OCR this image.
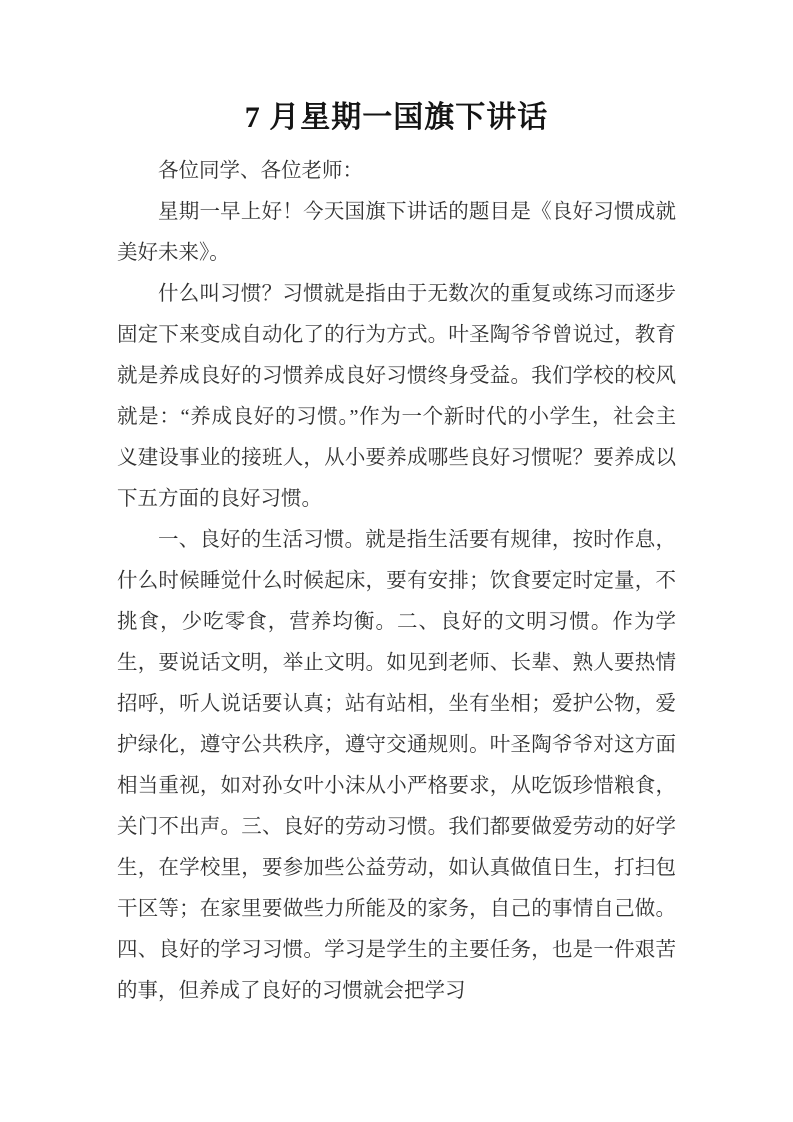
7 月星期一国旗下讲话

各位同学、各位老师：

星期一早上好！今天国旗下讲话的题目是《良好习惯成就美好未来》。

什么叫习惯？习惯就是指由于无数次的重复或练习而逐步固定下来变成自动化了的行为方式。叶圣陶爷爷曾说过，教育就是养成良好的习惯养成良好习惯终身受益。我们学校的校风就是：“养成良好的习惯。”作为一个新时代的小学生，社会主义建设事业的接班人，从小要养成哪些良好习惯呢？要养成以下五方面的良好习惯。

一、良好的生活习惯。就是指生活要有规律，按时作息，什么时候睡觉什么时候起床，要有安排；饮食要定时定量，不挑食，少吃零食，营养均衡。二、良好的文明习惯。作为学生，要说话文明，举止文明。如见到老师、长辈、熟人要热情招呼，听人说话要认真；站有站相，坐有坐相；爱护公物，爱护绿化，遵守公共秩序，遵守交通规则。叶圣陶爷爷对这方面相当重视，如对孙女叶小沫从小严格要求，从吃饭珍惜粮食，关门不出声。三、良好的劳动习惯。我们都要做爱劳动的好学生，在学校里，要参加些公益劳动，如认真做值日生，打扫包干区等；在家里要做些力所能及的家务，自己的事情自己做。四、良好的学习习惯。学习是学生的主要任务，也是一件艰苦的事，但养成了良好的习惯就会把学习
